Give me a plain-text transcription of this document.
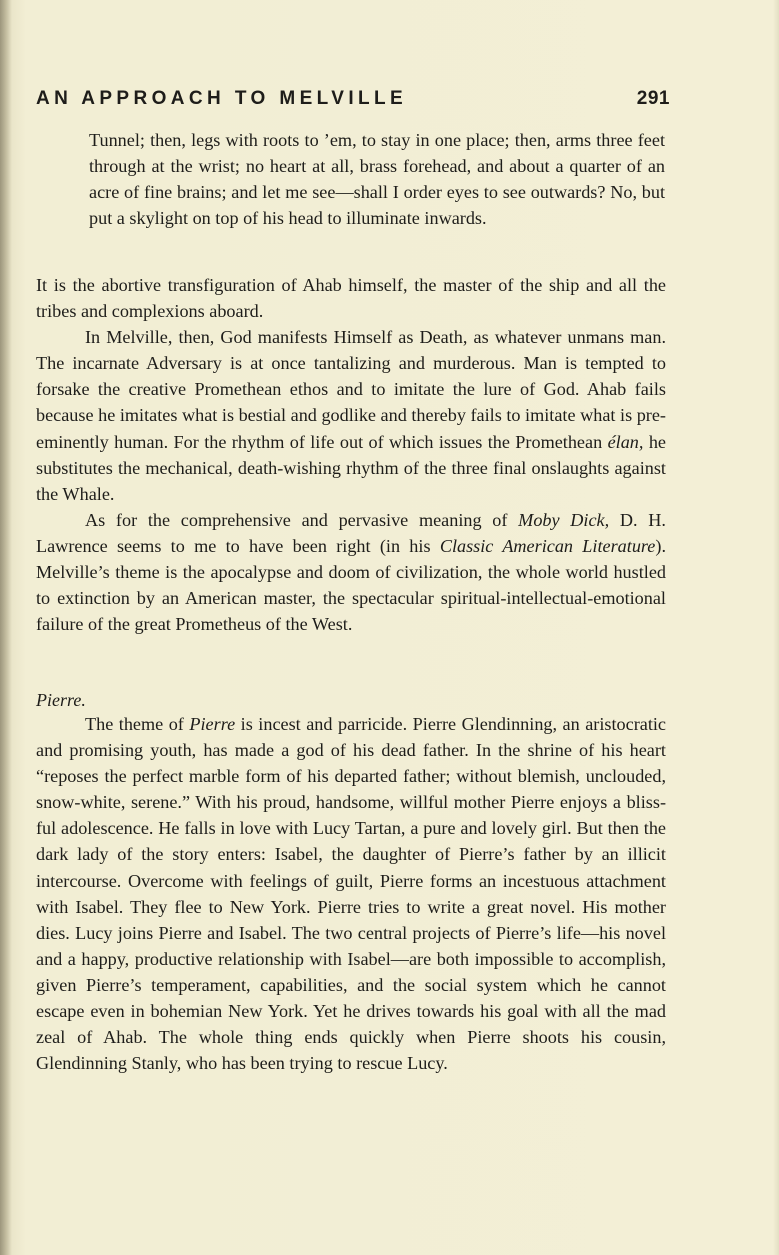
AN APPROACH TO MELVILLE	291

Tunnel; then, legs with roots to ’em, to stay in one place; then, arms three feet through at the wrist; no heart at all, brass forehead, and about a quarter of an acre of fine brains; and let me see—shall I order eyes to see outwards? No, but put a skylight on top of his head to illuminate inwards.

It is the abortive transfiguration of Ahab himself, the master of the ship and all the tribes and complexions aboard.

In Melville, then, God manifests Himself as Death, as whatever unmans man. The incarnate Adversary is at once tantalizing and murderous. Man is tempted to forsake the creative Promethean ethos and to imitate the lure of God. Ahab fails because he imitates what is bestial and godlike and thereby fails to imitate what is pre-eminently human. For the rhythm of life out of which issues the Promethean élan, he substitutes the mechanical, death-wishing rhythm of the three final onslaughts against the Whale.

As for the comprehensive and pervasive meaning of Moby Dick, D. H. Lawrence seems to me to have been right (in his Classic American Literature). Melville’s theme is the apocalypse and doom of civilization, the whole world hustled to extinction by an American master, the spectacular spiritual-intellectual-emotional failure of the great Prometheus of the West.

Pierre.

The theme of Pierre is incest and parricide. Pierre Glendinning, an aristocratic and promising youth, has made a god of his dead father. In the shrine of his heart “reposes the perfect marble form of his departed father; without blemish, unclouded, snow-white, serene.” With his proud, handsome, willful mother Pierre enjoys a blissful adolescence. He falls in love with Lucy Tartan, a pure and lovely girl. But then the dark lady of the story enters: Isabel, the daughter of Pierre’s father by an illicit intercourse. Overcome with feelings of guilt, Pierre forms an incestuous attachment with Isabel. They flee to New York. Pierre tries to write a great novel. His mother dies. Lucy joins Pierre and Isabel. The two central projects of Pierre’s life—his novel and a happy, productive relationship with Isabel—are both impossible to accomplish, given Pierre’s temperament, capabilities, and the social system which he cannot escape even in bohemian New York. Yet he drives towards his goal with all the mad zeal of Ahab. The whole thing ends quickly when Pierre shoots his cousin, Glendinning Stanly, who has been trying to rescue Lucy.
